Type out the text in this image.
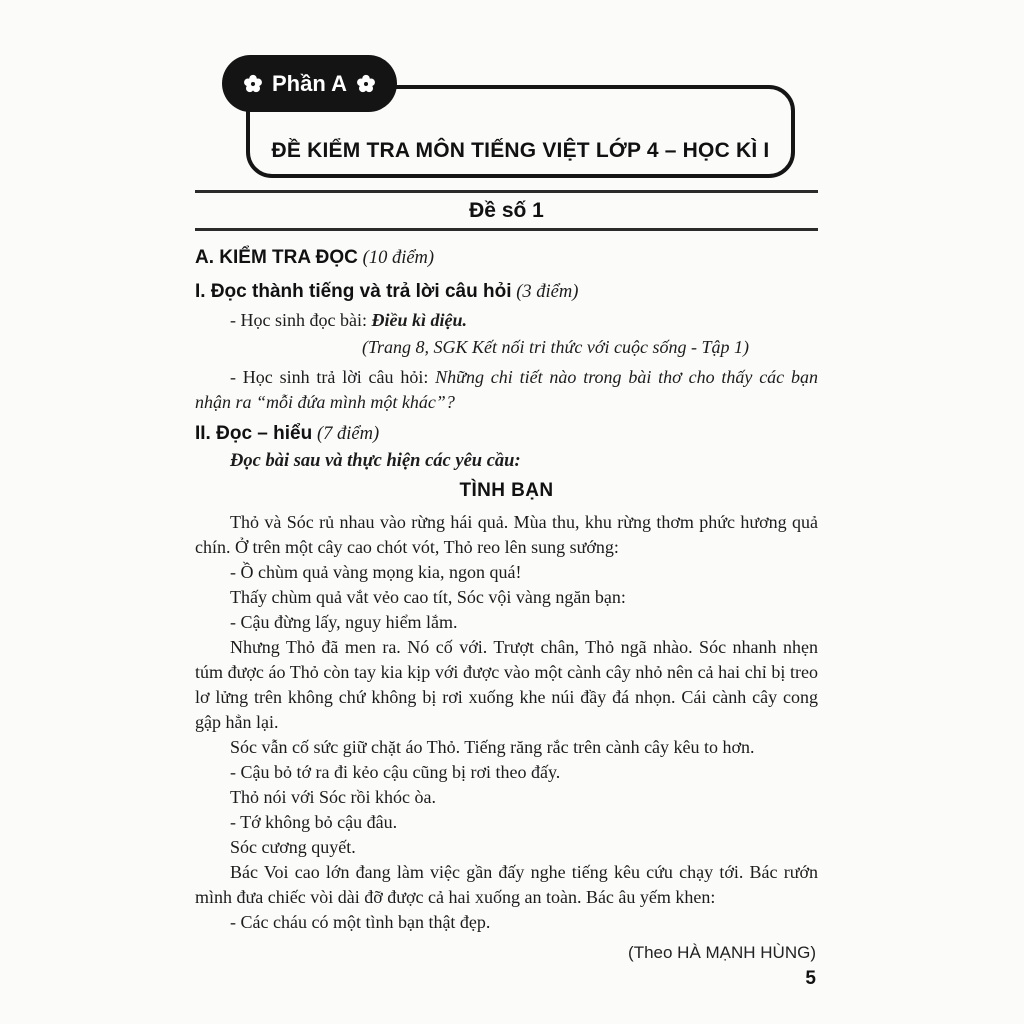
ĐỀ KIỂM TRA MÔN TIẾNG VIỆT LỚP 4 – HỌC KÌ I
Phần A
Đề số 1

A. KIỂM TRA ĐỌC (10 điểm)

I. Đọc thành tiếng và trả lời câu hỏi (3 điểm)

- Học sinh đọc bài: Điều kì diệu.

(Trang 8, SGK Kết nối tri thức với cuộc sống - Tập 1)

- Học sinh trả lời câu hỏi: Những chi tiết nào trong bài thơ cho thấy các bạn nhận ra “mỗi đứa mình một khác”?

II. Đọc – hiểu (7 điểm)

Đọc bài sau và thực hiện các yêu cầu:

TÌNH BẠN

Thỏ và Sóc rủ nhau vào rừng hái quả. Mùa thu, khu rừng thơm phức hương quả chín. Ở trên một cây cao chót vót, Thỏ reo lên sung sướng:

- Ồ chùm quả vàng mọng kia, ngon quá!

Thấy chùm quả vắt vẻo cao tít, Sóc vội vàng ngăn bạn:

- Cậu đừng lấy, nguy hiểm lắm.

Nhưng Thỏ đã men ra. Nó cố với. Trượt chân, Thỏ ngã nhào. Sóc nhanh nhẹn túm được áo Thỏ còn tay kia kịp với được vào một cành cây nhỏ nên cả hai chỉ bị treo lơ lửng trên không chứ không bị rơi xuống khe núi đầy đá nhọn. Cái cành cây cong gập hẳn lại.

Sóc vẫn cố sức giữ chặt áo Thỏ. Tiếng răng rắc trên cành cây kêu to hơn.

- Cậu bỏ tớ ra đi kẻo cậu cũng bị rơi theo đấy.

Thỏ nói với Sóc rồi khóc òa.

- Tớ không bỏ cậu đâu.

Sóc cương quyết.

Bác Voi cao lớn đang làm việc gần đấy nghe tiếng kêu cứu chạy tới. Bác rướn mình đưa chiếc vòi dài đỡ được cả hai xuống an toàn. Bác âu yếm khen:

- Các cháu có một tình bạn thật đẹp.

(Theo HÀ MẠNH HÙNG)

5
